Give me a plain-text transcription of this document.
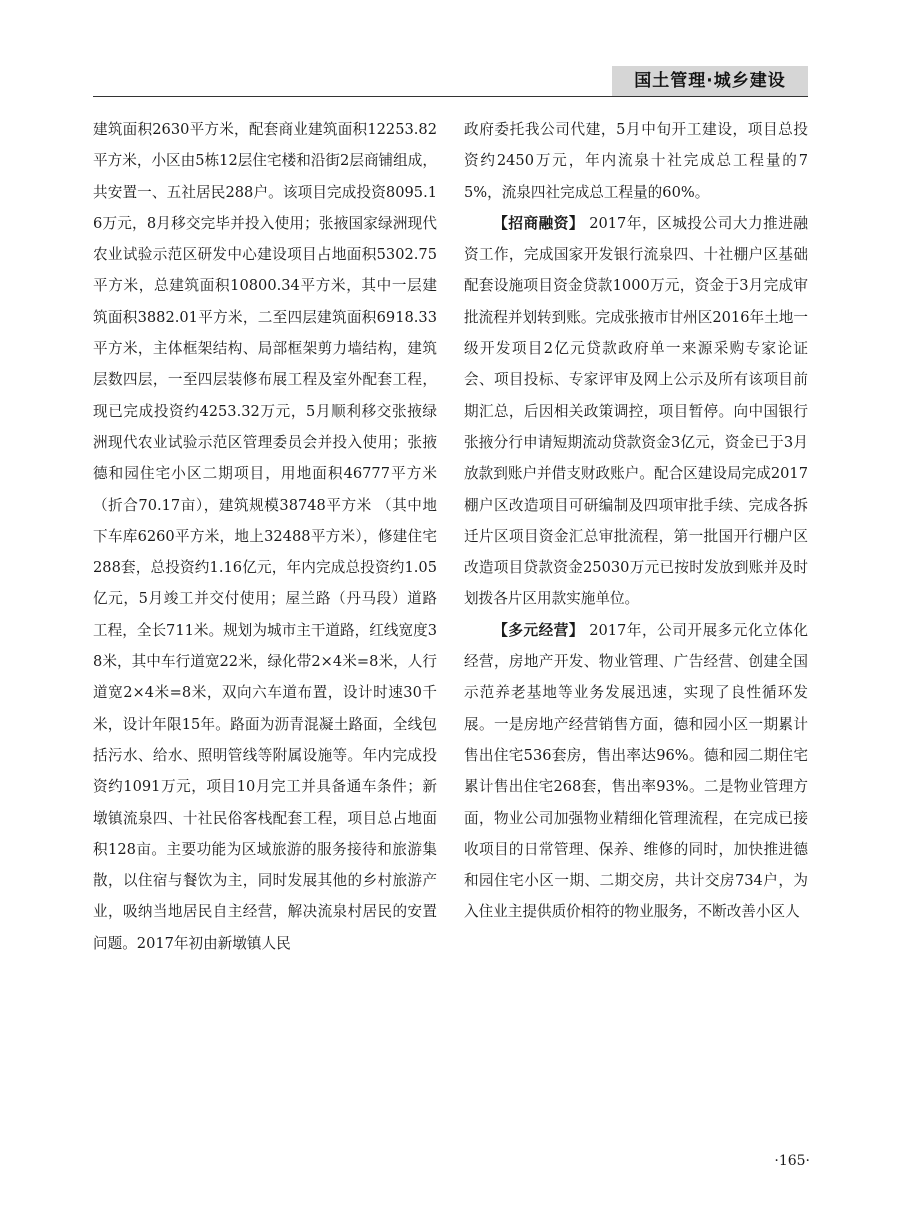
国土管理·城乡建设

建筑面积2630平方米，配套商业建筑面积12253.82平方米，小区由5栋12层住宅楼和沿街2层商铺组成，共安置一、五社居民288户。该项目完成投资8095.16万元，8月移交完毕并投入使用；张掖国家绿洲现代农业试验示范区研发中心建设项目占地面积5302.75平方米，总建筑面积10800.34平方米，其中一层建筑面积3882.01平方米，二至四层建筑面积6918.33平方米，主体框架结构、局部框架剪力墙结构，建筑层数四层，一至四层装修布展工程及室外配套工程，现已完成投资约4253.32万元，5月顺利移交张掖绿洲现代农业试验示范区管理委员会并投入使用；张掖德和园住宅小区二期项目，用地面积46777平方米（折合70.17亩），建筑规模38748平方米 （其中地下车库6260平方米，地上32488平方米），修建住宅288套，总投资约1.16亿元，年内完成总投资约1.05亿元，5月竣工并交付使用；屋兰路（丹马段）道路工程，全长711米。规划为城市主干道路，红线宽度38米，其中车行道宽22米，绿化带2×4米=8米，人行道宽2×4米=8米，双向六车道布置，设计时速30千米，设计年限15年。路面为沥青混凝土路面，全线包括污水、给水、照明管线等附属设施等。年内完成投资约1091万元，项目10月完工并具备通车条件；新墩镇流泉四、十社民俗客栈配套工程，项目总占地面积128亩。主要功能为区域旅游的服务接待和旅游集散，以住宿与餐饮为主，同时发展其他的乡村旅游产业，吸纳当地居民自主经营，解决流泉村居民的安置问题。2017年初由新墩镇人民

政府委托我公司代建，5月中旬开工建设，项目总投资约2450万元，年内流泉十社完成总工程量的75%，流泉四社完成总工程量的60%。

【招商融资】 2017年，区城投公司大力推进融资工作，完成国家开发银行流泉四、十社棚户区基础配套设施项目资金贷款1000万元，资金于3月完成审批流程并划转到账。完成张掖市甘州区2016年土地一级开发项目2亿元贷款政府单一来源采购专家论证会、项目投标、专家评审及网上公示及所有该项目前期汇总，后因相关政策调控，项目暂停。向中国银行张掖分行申请短期流动贷款资金3亿元，资金已于3月放款到账户并借支财政账户。配合区建设局完成2017棚户区改造项目可研编制及四项审批手续、完成各拆迁片区项目资金汇总审批流程，第一批国开行棚户区改造项目贷款资金25030万元已按时发放到账并及时划拨各片区用款实施单位。

【多元经营】 2017年，公司开展多元化立体化经营，房地产开发、物业管理、广告经营、创建全国示范养老基地等业务发展迅速，实现了良性循环发展。一是房地产经营销售方面，德和园小区一期累计售出住宅536套房，售出率达96%。德和园二期住宅累计售出住宅268套，售出率93%。二是物业管理方面，物业公司加强物业精细化管理流程，在完成已接收项目的日常管理、保养、维修的同时，加快推进德和园住宅小区一期、二期交房，共计交房734户，为入住业主提供质价相符的物业服务，不断改善小区人

·165·
